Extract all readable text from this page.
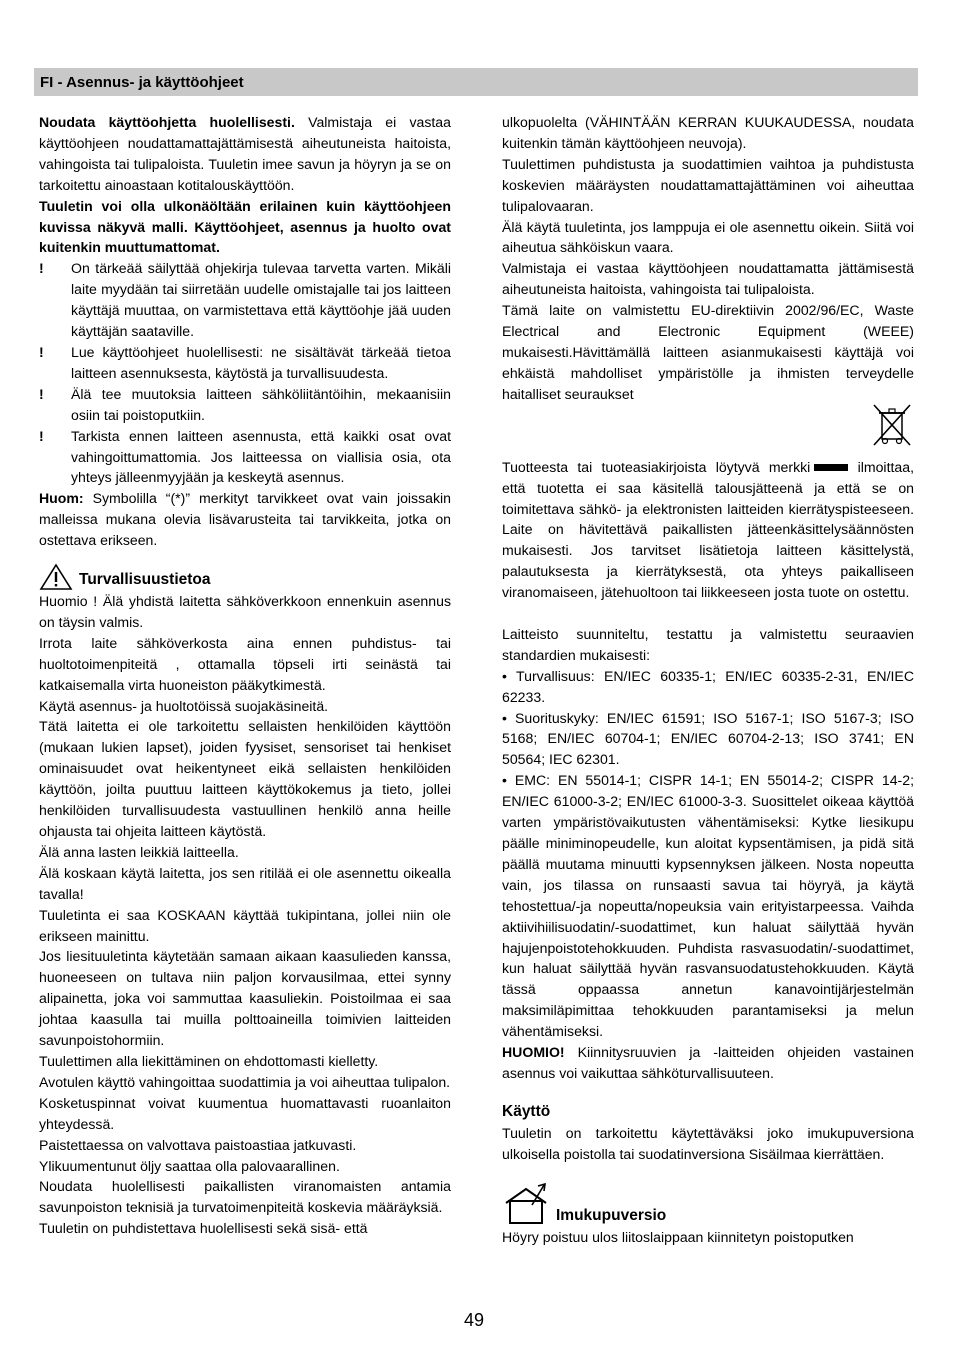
FI - Asennus- ja käyttöohjeet

Noudata käyttöohjetta huolellisesti. Valmistaja ei vastaa käyttöohjeen noudattamattajättämisestä aiheutuneista haitoista, vahingoista tai tulipaloista. Tuuletin imee savun ja höyryn ja se on tarkoitettu ainoastaan kotitalouskäyttöön.

Tuuletin voi olla ulkonäöltään erilainen kuin käyttöohjeen kuvissa näkyvä malli. Käyttöohjeet, asennus ja huolto ovat kuitenkin muuttumattomat.

!	On tärkeää säilyttää ohjekirja tulevaa tarvetta varten. Mikäli laite myydään tai siirretään uudelle omistajalle tai jos laitteen käyttäjä muuttaa, on varmistettava että käyttöohje jää uuden käyttäjän saataville.
!	Lue käyttöohjeet huolellisesti: ne sisältävät tärkeää tietoa laitteen asennuksesta, käytöstä ja turvallisuudesta.
!	Älä tee muutoksia laitteen sähköliitäntöihin, mekaanisiin osiin tai poistoputkiin.
!	Tarkista ennen laitteen asennusta, että kaikki osat ovat vahingoittumattomia. Jos laitteessa on viallisia osia, ota yhteys jälleenmyyjään ja keskeytä asennus.

Huom: Symbolilla “(*)” merkityt tarvikkeet ovat vain joissakin malleissa mukana olevia lisävarusteita tai tarvikkeita, jotka on ostettava erikseen.

Turvallisuustietoa

Huomio ! Älä yhdistä laitetta sähköverkkoon ennenkuin asennus on täysin valmis.

Irrota laite sähköverkosta aina ennen puhdistus- tai huoltotoimenpiteitä , ottamalla töpseli irti seinästä tai katkaisemalla virta huoneiston pääkytkimestä.

Käytä asennus- ja huoltotöissä suojakäsineitä.

Tätä laitetta ei ole tarkoitettu sellaisten henkilöiden käyttöön (mukaan lukien lapset), joiden fyysiset, sensoriset tai henkiset ominaisuudet ovat heikentyneet eikä sellaisten henkilöiden käyttöön, joilta puuttuu laitteen käyttökokemus ja tieto, jollei henkilöiden turvallisuudesta vastuullinen henkilö anna heille ohjausta tai ohjeita laitteen käytöstä.

Älä anna lasten leikkiä laitteella.

Älä koskaan käytä laitetta, jos sen ritilää ei ole asennettu oikealla tavalla!

Tuuletinta ei saa KOSKAAN käyttää tukipintana, jollei niin ole erikseen mainittu.

Jos liesituuletinta käytetään samaan aikaan kaasulieden kanssa, huoneeseen on tultava niin paljon korvausilmaa, ettei synny alipainetta, joka voi sammuttaa kaasuliekin. Poistoilmaa ei saa johtaa kaasulla tai muilla polttoaineilla toimivien laitteiden savunpoistohormiin.

Tuulettimen alla liekittäminen on ehdottomasti kielletty.

Avotulen käyttö vahingoittaa suodattimia ja voi aiheuttaa tulipalon.

Kosketuspinnat voivat kuumentua huomattavasti ruoanlaiton yhteydessä.

Paistettaessa on valvottava paistoastiaa jatkuvasti.

Ylikuumentunut öljy saattaa olla palovaarallinen.

Noudata huolellisesti paikallisten viranomaisten antamia savunpoiston teknisiä ja turvatoimenpiteitä koskevia määräyksiä.

Tuuletin on puhdistettava huolellisesti sekä sisä- että

ulkopuolelta (VÄHINTÄÄN KERRAN KUUKAUDESSA, noudata kuitenkin tämän käyttöohjeen neuvoja).

Tuulettimen puhdistusta ja suodattimien vaihtoa ja puhdistusta koskevien määräysten noudattamattajättäminen voi aiheuttaa tulipalovaaran.

Älä käytä tuuletinta, jos lamppuja ei ole asennettu oikein. Siitä voi aiheutua sähköiskun vaara.

Valmistaja ei vastaa käyttöohjeen noudattamatta jättämisestä aiheutuneista haitoista, vahingoista tai tulipaloista.

Tämä laite on valmistettu EU-direktiivin 2002/96/EC, Waste Electrical and Electronic Equipment (WEEE) mukaisesti.Hävittämällä laitteen asianmukaisesti käyttäjä voi ehkäistä mahdolliset ympäristölle ja ihmisten terveydelle haitalliset seuraukset

Tuotteesta tai tuoteasiakirjoista löytyvä merkki	ilmoittaa, että tuotetta ei saa käsitellä talousjätteenä ja että se on toimitettava sähkö- ja elektronisten laitteiden kierrätyspisteeseen. Laite on hävitettävä paikallisten jätteenkäsittelysäännösten mukaisesti. Jos tarvitset lisätietoja laitteen käsittelystä, palautuksesta ja kierrätyksestä, ota yhteys paikalliseen viranomaiseen, jätehuoltoon tai liikkeeseen josta tuote on ostettu.

Laitteisto suunniteltu, testattu ja valmistettu seuraavien standardien mukaisesti:

• Turvallisuus: EN/IEC 60335-1; EN/IEC 60335-2-31, EN/IEC 62233.

• Suorituskyky: EN/IEC 61591; ISO 5167-1; ISO 5167-3; ISO 5168; EN/IEC 60704-1; EN/IEC 60704-2-13; ISO 3741; EN 50564; IEC 62301.

• EMC: EN 55014-1; CISPR 14-1; EN 55014-2; CISPR 14-2; EN/IEC 61000-3-2; EN/IEC 61000-3-3. Suosittelet oikeaa käyttöä varten ympäristövaikutusten vähentämiseksi: Kytke liesikupu päälle miniminopeudelle, kun aloitat kypsentämisen, ja pidä sitä päällä muutama minuutti kypsennyksen jälkeen. Nosta nopeutta vain, jos tilassa on runsaasti savua tai höyryä, ja käytä tehostettua/-ja nopeutta/nopeuksia vain erityistarpeessa. Vaihda aktiivihiilisuodatin/-suodattimet, kun haluat säilyttää hyvän hajujenpoistotehokkuuden. Puhdista rasvasuodatin/-suodattimet, kun haluat säilyttää hyvän rasvansuodatustehokkuuden. Käytä tässä oppaassa annetun kanavointijärjestelmän maksimiläpimittaa tehokkuuden parantamiseksi ja melun vähentämiseksi.

HUOMIO! Kiinnitysruuvien ja -laitteiden ohjeiden vastainen asennus voi vaikuttaa sähköturvallisuuteen.

Käyttö

Tuuletin on tarkoitettu käytettäväksi joko imukupuversiona ulkoisella poistolla tai suodatinversiona Sisäilmaa kierrättäen.

Imukupuversio

Höyry poistuu ulos liitoslaippaan kiinnitetyn poistoputken

49
